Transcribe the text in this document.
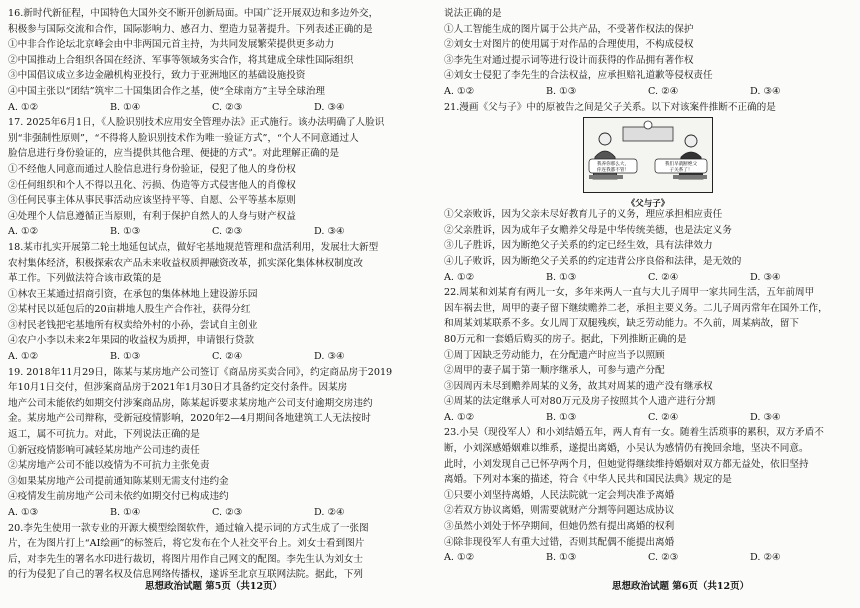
16.新时代新征程，中国特色大国外交不断开创新局面。中国广泛开展双边和多边外交，

积极参与国际交流和合作，国际影响力、感召力、塑造力显著提升。下列表述正确的是

①中非合作论坛北京峰会由中非两国元首主持，为共同发展繁荣提供更多动力

②中国推动上合组织各国在经济、军事等领域务实合作，将其建成全球性国际组织

③中国倡议成立多边金融机构亚投行，致力于亚洲地区的基础设施投资

④中国主张以“团结”筑牢二十国集团合作之基，使“全球南方”主导全球治理

A. ①②	B. ①④	C. ②③	D. ③④

17. 2025年6月1日，《人脸识别技术应用安全管理办法》正式施行。该办法明确了人脸识

别“非强制性原则”，“不得将人脸识别技术作为唯一验证方式”，“个人不同意通过人

脸信息进行身份验证的，应当提供其他合理、便捷的方式”。对此理解正确的是

①不经他人同意而通过人脸信息进行身份验证，侵犯了他人的身份权

②任何组织和个人不得以丑化、污损、伪造等方式侵害他人的肖像权

③任何民事主体从事民事活动应该坚持平等、自愿、公平等基本原则

④处理个人信息遵循正当原则，有利于保护自然人的人身与财产权益

A. ①②	B. ①③	C. ②③	D. ③④

18.某市扎实开展第二轮土地延包试点，做好宅基地规范管理和盘活利用，发展壮大新型

农村集体经济，积极探索农产品未来收益权质押融资改革，抓实深化集体林权制度改

革工作。下列做法符合该市政策的是

①林农王某通过招商引资，在承包的集体林地上建设游乐园

②某村民以延包后的20亩耕地人股生产合作社，获得分红

③村民老钱把宅基地所有权卖给外村的小孙，尝试自主创业

④农户小李以未来2年果园的收益权为质押，申请银行贷款

A. ①②	B. ①③	C. ②④	D. ③④

19. 2018年11月29日，陈某与某房地产公司签订《商品房买卖合同》，约定商品房于2019

年10月1日交付，但涉案商品房于2021年1月30日才具备约定交付条件。因某房

地产公司未能依约如期交付涉案商品房，陈某起诉要求某房地产公司支付逾期交房违约

金。某房地产公司辩称，受新冠疫情影响，2020年2—4月期间各地建筑工人无法按时

返工，属不可抗力。对此，下列说法正确的是

①新冠疫情影响可减轻某房地产公司违约责任

②某房地产公司不能以疫情为不可抗力主张免责

③如果某房地产公司提前通知陈某则无需支付违约金

④疫情发生前房地产公司未依约如期交付已构成违约

A. ①③	B. ①④	C. ②③	D. ②④

20.李先生使用一款专业的开源大模型绘图软件，通过输入提示词的方式生成了一张图

片，在为图片打上“AI绘画”的标签后，将它发布在个人社交平台上。刘女士看到图片

后，对李先生的署名水印进行裁切，将图片用作自己网文的配图。李先生认为刘女士

的行为侵犯了自己的署名权及信息网络传播权，遂诉至北京互联网法院。据此，下列

思想政治试题 第5页（共12页）

说法正确的是

①人工智能生成的图片属于公共产品，不受著作权法的保护

②刘女士对图片的使用属于对作品的合理使用，不构成侵权

③李先生对通过提示词等进行设计而获得的作品拥有著作权

④刘女士侵犯了李先生的合法权益，应承担赔礼道歉等侵权责任

A. ①②	B. ①③	C. ②④	D. ③④

21.漫画《父与子》中的原被告之间是父子关系。以下对该案件推断不正确的是

我养你那么大，
你连我都不管！
我们早就断绝父
子关系了！
《父与子》

①父亲败诉，因为父亲未尽好教育儿子的义务，理应承担相应责任

②父亲胜诉，因为成年子女赡养父母是中华传统美德，也是法定义务

③儿子胜诉，因为断绝父子关系的约定已经生效，具有法律效力

④儿子败诉，因为断绝父子关系的约定违背公序良俗和法律，是无效的

A. ①②	B. ①③	C. ②④	D. ③④

22.周某和刘某育有两儿一女，多年来两人一直与大儿子周甲一家共同生活，五年前周甲

因车祸去世，周甲的妻子留下继续赡养二老，承担主要义务。二儿子周丙常年在国外工作，

和周某刘某联系不多。女儿周丁双腿残疾，缺乏劳动能力。不久前，周某病故，留下

80万元和一套婚后购买的房子。据此，下列推断正确的是

①周丁因缺乏劳动能力，在分配遗产时应当予以照顾

②周甲的妻子属于第一顺序继承人，可参与遗产分配

③因周丙未尽到赡养周某的义务，故其对周某的遗产没有继承权

④周某的法定继承人可对80万元及房子按照其个人遗产进行分割

A. ①②	B. ①③	C. ②④	D. ③④

23.小吴（现役军人）和小刘结婚五年，两人育有一女。随着生活琐事的累积，双方矛盾不

断，小刘深感婚姻难以维系，遂提出离婚，小吴认为感情仍有挽回余地，坚决不同意。

此时，小刘发现自己已怀孕两个月，但她觉得继续维持婚姻对双方都无益处，依旧坚持

离婚。下列对本案的描述，符合《中华人民共和国民法典》规定的是

①只要小刘坚持离婚，人民法院就一定会判决准予离婚

②若双方协议离婚，则需要就财产分割等问题达成协议

③虽然小刘处于怀孕期间，但她仍然有提出离婚的权利

④除非现役军人有重大过错，否则其配偶不能提出离婚

A. ①②	B. ①③	C. ②③	D. ②④
思想政治试题 第6页（共12页）
